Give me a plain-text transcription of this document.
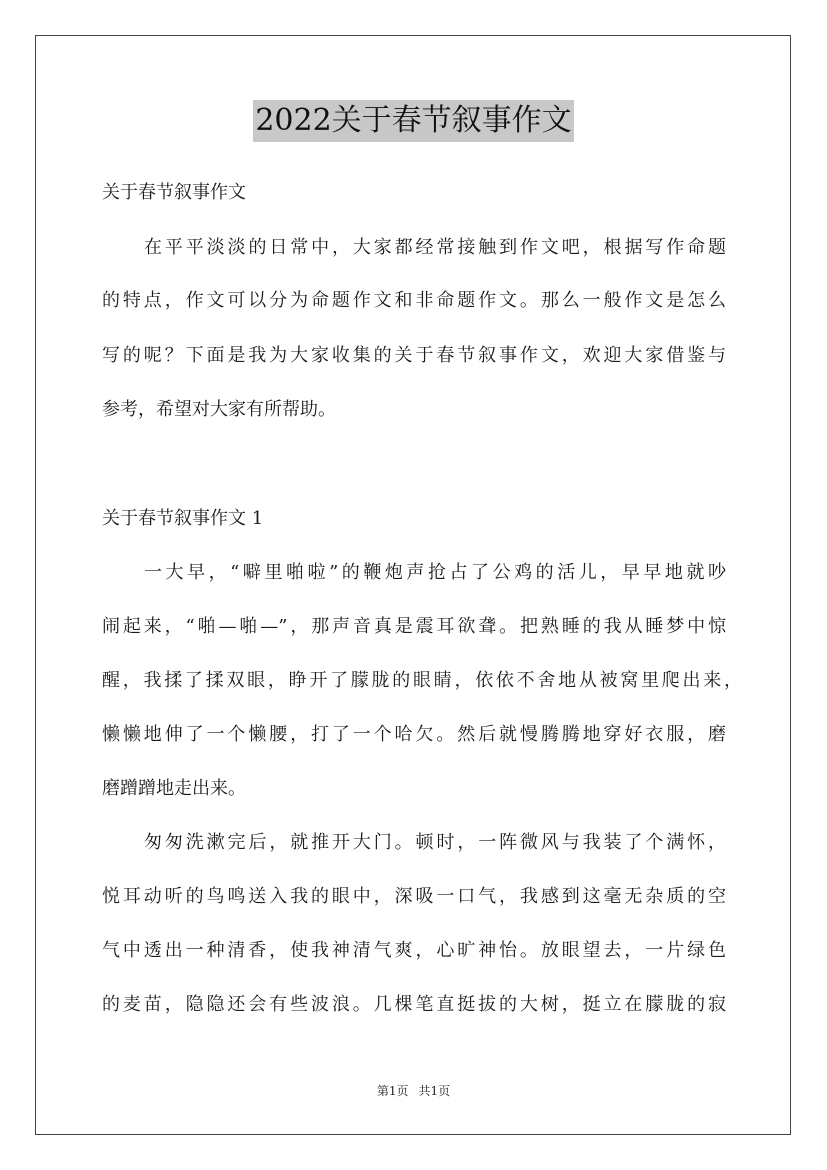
2022关于春节叙事作文
关于春节叙事作文
在平平淡淡的日常中，大家都经常接触到作文吧，根据写作命题
的特点，作文可以分为命题作文和非命题作文。那么一般作文是怎么
写的呢？下面是我为大家收集的关于春节叙事作文，欢迎大家借鉴与
参考，希望对大家有所帮助。
关于春节叙事作文 1
一大早，“噼里啪啦”的鞭炮声抢占了公鸡的活儿，早早地就吵
闹起来，“啪—啪—”，那声音真是震耳欲聋。把熟睡的我从睡梦中惊
醒，我揉了揉双眼，睁开了朦胧的眼睛，依依不舍地从被窝里爬出来，
懒懒地伸了一个懒腰，打了一个哈欠。然后就慢腾腾地穿好衣服，磨
磨蹭蹭地走出来。
匆匆洗漱完后，就推开大门。顿时，一阵微风与我装了个满怀，
悦耳动听的鸟鸣送入我的眼中，深吸一口气，我感到这毫无杂质的空
气中透出一种清香，使我神清气爽，心旷神怡。放眼望去，一片绿色
的麦苗，隐隐还会有些波浪。几棵笔直挺拔的大树，挺立在朦胧的寂
第1页 共1页
